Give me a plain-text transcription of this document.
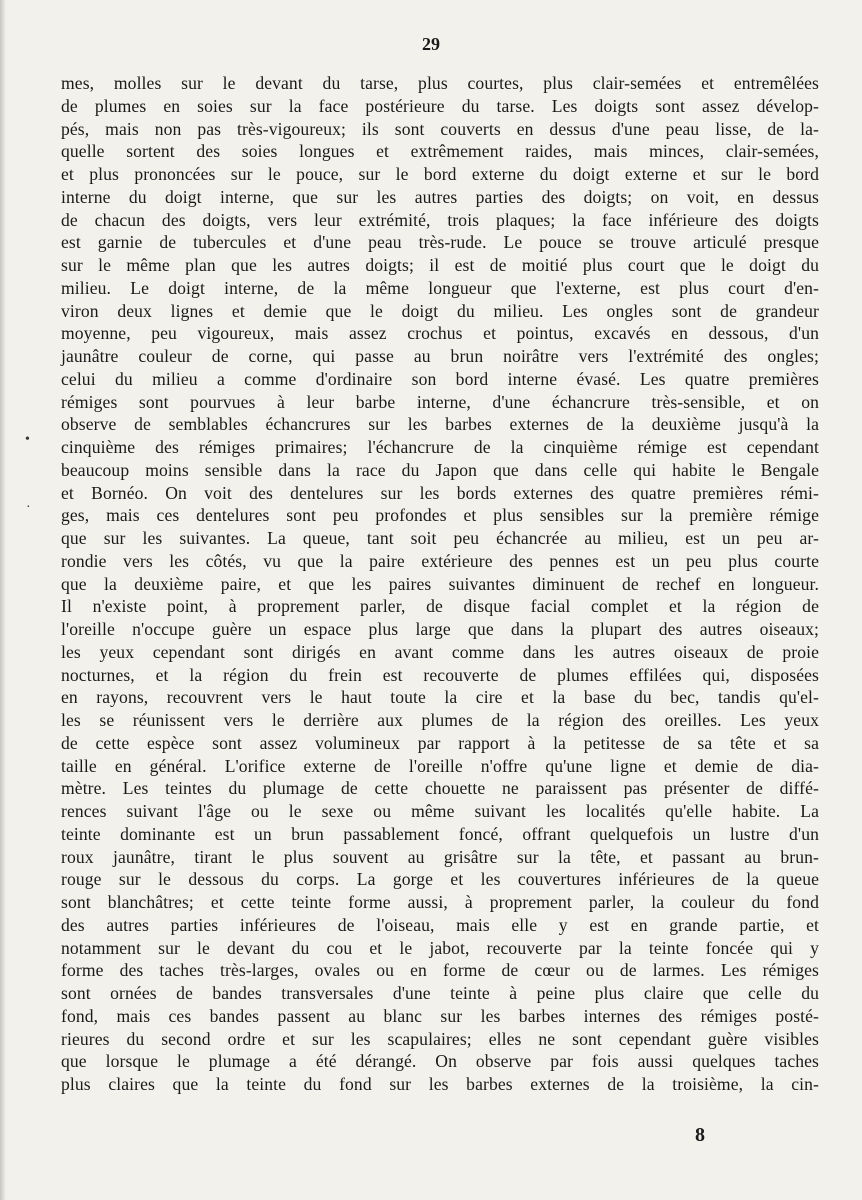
•
·
29
mes, molles sur le devant du tarse, plus courtes, plus clair-semées et entremêlées
de plumes en soies sur la face postérieure du tarse. Les doigts sont assez dévelop-
pés, mais non pas très-vigoureux; ils sont couverts en dessus d'une peau lisse, de la-
quelle sortent des soies longues et extrêmement raides, mais minces, clair-semées,
et plus prononcées sur le pouce, sur le bord externe du doigt externe et sur le bord
interne du doigt interne, que sur les autres parties des doigts; on voit, en dessus
de chacun des doigts, vers leur extrémité, trois plaques; la face inférieure des doigts
est garnie de tubercules et d'une peau très-rude. Le pouce se trouve articulé presque
sur le même plan que les autres doigts; il est de moitié plus court que le doigt du
milieu. Le doigt interne, de la même longueur que l'externe, est plus court d'en-
viron deux lignes et demie que le doigt du milieu. Les ongles sont de grandeur
moyenne, peu vigoureux, mais assez crochus et pointus, excavés en dessous, d'un
jaunâtre couleur de corne, qui passe au brun noirâtre vers l'extrémité des ongles;
celui du milieu a comme d'ordinaire son bord interne évasé. Les quatre premières
rémiges sont pourvues à leur barbe interne, d'une échancrure très-sensible, et on
observe de semblables échancrures sur les barbes externes de la deuxième jusqu'à la
cinquième des rémiges primaires; l'échancrure de la cinquième rémige est cependant
beaucoup moins sensible dans la race du Japon que dans celle qui habite le Bengale
et Bornéo. On voit des dentelures sur les bords externes des quatre premières rémi-
ges, mais ces dentelures sont peu profondes et plus sensibles sur la première rémige
que sur les suivantes. La queue, tant soit peu échancrée au milieu, est un peu ar-
rondie vers les côtés, vu que la paire extérieure des pennes est un peu plus courte
que la deuxième paire, et que les paires suivantes diminuent de rechef en longueur.
Il n'existe point, à proprement parler, de disque facial complet et la région de
l'oreille n'occupe guère un espace plus large que dans la plupart des autres oiseaux;
les yeux cependant sont dirigés en avant comme dans les autres oiseaux de proie
nocturnes, et la région du frein est recouverte de plumes effilées qui, disposées
en rayons, recouvrent vers le haut toute la cire et la base du bec, tandis qu'el-
les se réunissent vers le derrière aux plumes de la région des oreilles. Les yeux
de cette espèce sont assez volumineux par rapport à la petitesse de sa tête et sa
taille en général. L'orifice externe de l'oreille n'offre qu'une ligne et demie de dia-
mètre. Les teintes du plumage de cette chouette ne paraissent pas présenter de diffé-
rences suivant l'âge ou le sexe ou même suivant les localités qu'elle habite. La
teinte dominante est un brun passablement foncé, offrant quelquefois un lustre d'un
roux jaunâtre, tirant le plus souvent au grisâtre sur la tête, et passant au brun-
rouge sur le dessous du corps. La gorge et les couvertures inférieures de la queue
sont blanchâtres; et cette teinte forme aussi, à proprement parler, la couleur du fond
des autres parties inférieures de l'oiseau, mais elle y est en grande partie, et
notamment sur le devant du cou et le jabot, recouverte par la teinte foncée qui y
forme des taches très-larges, ovales ou en forme de cœur ou de larmes. Les rémiges
sont ornées de bandes transversales d'une teinte à peine plus claire que celle du
fond, mais ces bandes passent au blanc sur les barbes internes des rémiges posté-
rieures du second ordre et sur les scapulaires; elles ne sont cependant guère visibles
que lorsque le plumage a été dérangé. On observe par fois aussi quelques taches
plus claires que la teinte du fond sur les barbes externes de la troisième, la cin-
8
